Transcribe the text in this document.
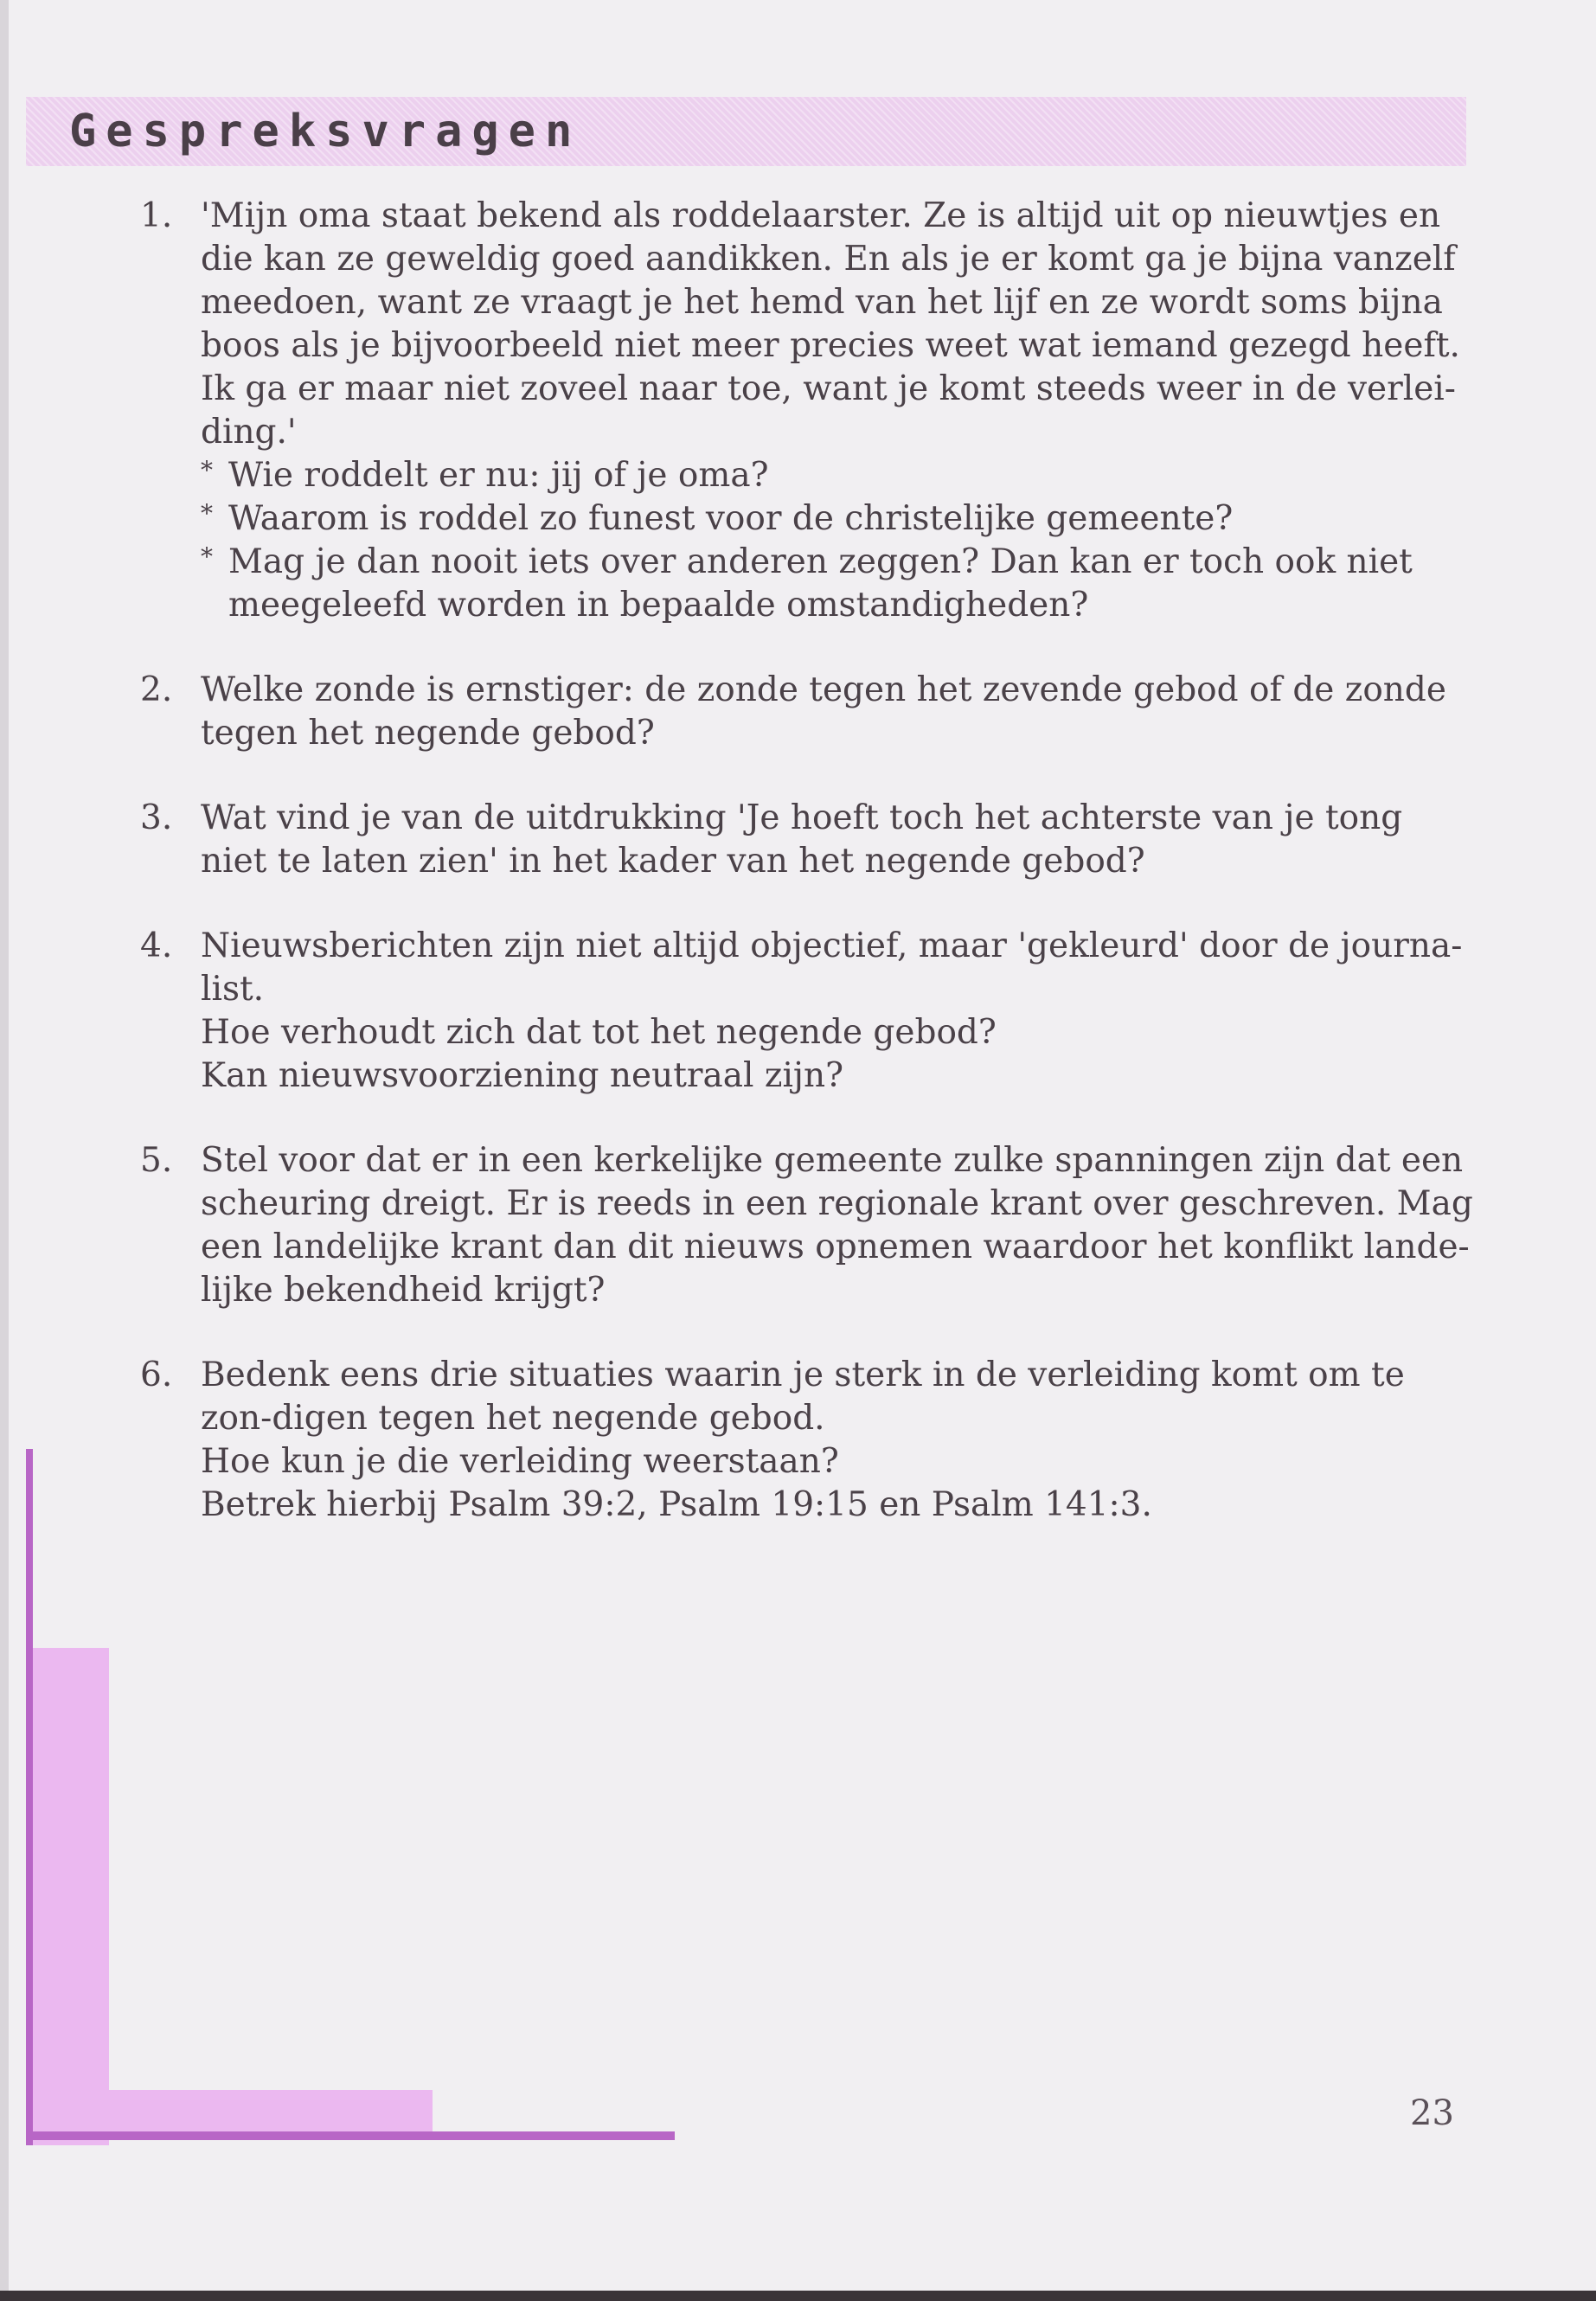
Gespreksvragen
1. 'Mijn oma staat bekend als roddelaarster. Ze is altijd uit op nieuwtjes en die kan ze geweldig goed aandikken. En als je er komt ga je bijna vanzelf meedoen, want ze vraagt je het hemd van het lijf en ze wordt soms bijna boos als je bijvoorbeeld niet meer precies weet wat iemand gezegd heeft. Ik ga er maar niet zoveel naar toe, want je komt steeds weer in de verlei-ding.'
* Wie roddelt er nu: jij of je oma?
* Waarom is roddel zo funest voor de christelijke gemeente?
* Mag je dan nooit iets over anderen zeggen? Dan kan er toch ook niet meegeleefd worden in bepaalde omstandigheden?
2. Welke zonde is ernstiger: de zonde tegen het zevende gebod of de zonde tegen het negende gebod?
3. Wat vind je van de uitdrukking 'Je hoeft toch het achterste van je tong niet te laten zien' in het kader van het negende gebod?
4. Nieuwsberichten zijn niet altijd objectief, maar 'gekleurd' door de journa-list.
Hoe verhoudt zich dat tot het negende gebod?
Kan nieuwsvoorziening neutraal zijn?
5. Stel voor dat er in een kerkelijke gemeente zulke spanningen zijn dat een scheuring dreigt. Er is reeds in een regionale krant over geschreven. Mag een landelijke krant dan dit nieuws opnemen waardoor het konflikt lande-lijke bekendheid krijgt?
6. Bedenk eens drie situaties waarin je sterk in de verleiding komt om te zon-digen tegen het negende gebod.
Hoe kun je die verleiding weerstaan?
Betrek hierbij Psalm 39:2, Psalm 19:15 en Psalm 141:3.
23
